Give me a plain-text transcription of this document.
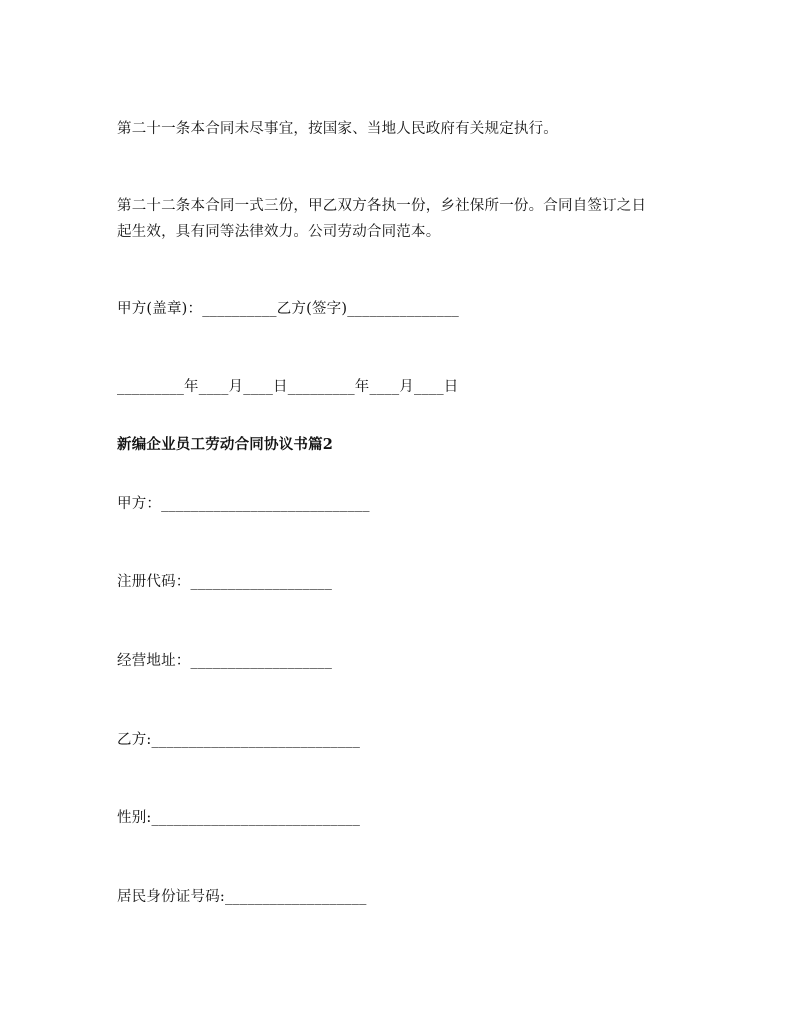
第二十一条本合同未尽事宜，按国家、当地人民政府有关规定执行。
第二十二条本合同一式三份，甲乙双方各执一份，乡社保所一份。合同自签订之日
起生效，具有同等法律效力。公司劳动合同范本。
甲方(盖章)：__________乙方(签字)_______________
_________年____月____日_________年____月____日
新编企业员工劳动合同协议书篇2
甲方：____________________________
注册代码：___________________
经营地址：___________________
乙方:____________________________
性别:____________________________
居民身份证号码:___________________
